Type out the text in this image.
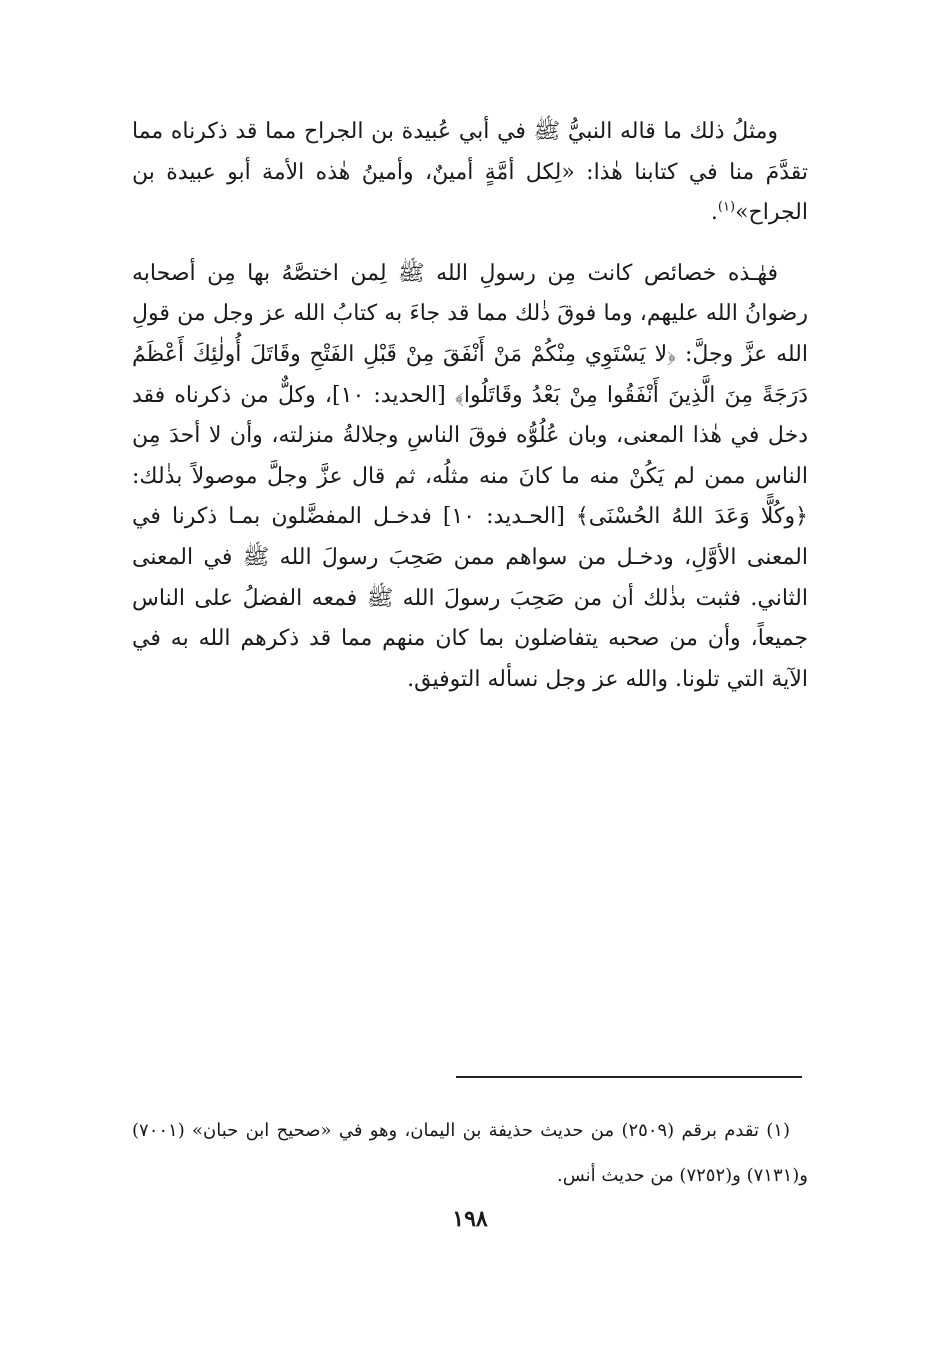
ومثلُ ذلك ما قاله النبيُّ ﷺ في أبي عُبيدة بن الجراح مما قد ذكرناه مما تقدَّمَ منا في كتابنا هٰذا: «لِكل أمَّةٍ أمينٌ، وأمينُ هٰذه الأمة أبو عبيدة بن الجراح»$^{(١)}$.

فهٰـذه خصائص كانت مِن رسولِ الله ﷺ لِمن اختصَّهُ بها مِن أصحابه رضوانُ الله عليهم، وما فوقَ ذٰلك مما قد جاءَ به كتابُ الله عز وجل من قولِ الله عزَّ وجلَّ: ﴿لا يَسْتَوِي مِنْكُمْ مَنْ أَنْفَقَ مِنْ قَبْلِ الفَتْحِ وقَاتَلَ أُولٰئِكَ أَعْظَمُ دَرَجَةً مِنَ الَّذِينَ أَنْفَقُوا مِنْ بَعْدُ وقَاتَلُوا﴾ [الحديد: ١٠]، وكلٌّ من ذكرناه فقد دخل في هٰذا المعنى، وبان عُلُوُّه فوقَ الناسِ وجلالةُ منزلته، وأن لا أحدَ مِن الناس ممن لم يَكُنْ منه ما كانَ منه مثلُه، ثم قال عزَّ وجلَّ موصولاً بذٰلك: ﴿وكُلًّا وَعَدَ اللهُ الحُسْنَى﴾ [الحـديد: ١٠] فدخـل المفضَّلون بمـا ذكرنا في المعنى الأوَّلِ، ودخـل من سواهم ممن صَحِبَ رسولَ الله ﷺ في المعنى الثاني. فثبت بذٰلك أن من صَحِبَ رسولَ الله ﷺ فمعه الفضلُ على الناس جميعاً، وأن من صحبه يتفاضلون بما كان منهم مما قد ذكرهم الله به في الآية التي تلونا. والله عز وجل نسأله التوفيق.

(١) تقدم برقم (٢٥٠٩) من حديث حذيفة بن اليمان، وهو في «صحيح ابن حبان» (٧٠٠١) و(٧١٣١) و(٧٢٥٢) من حديث أنس.

١٩٨
